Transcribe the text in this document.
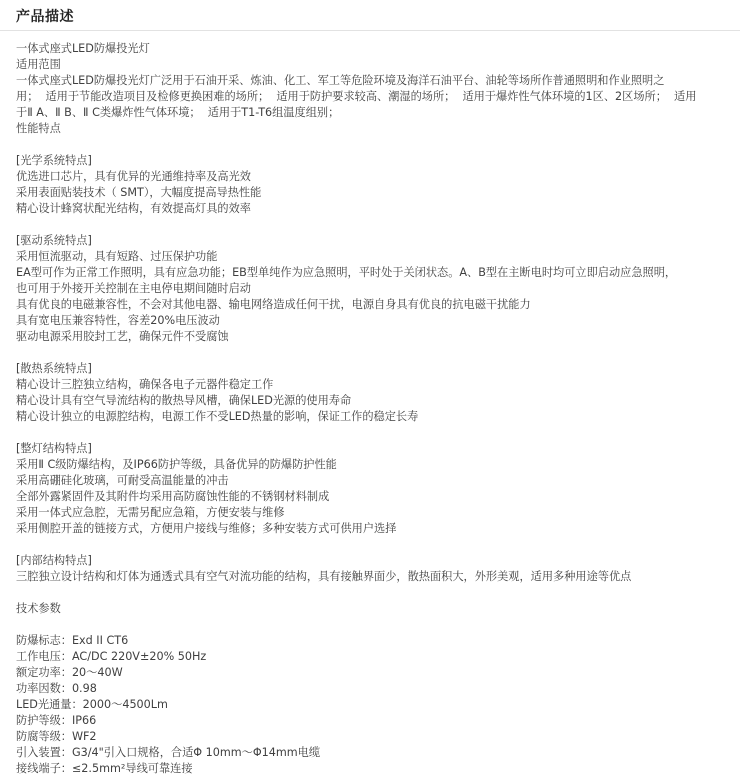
产品描述
一体式座式LED防爆投光灯
适用范围
一体式座式LED防爆投光灯广泛用于石油开采、炼油、化工、军工等危险环境及海洋石油平台、油轮等场所作普通照明和作业照明之
用；  适用于节能改造项目及检修更换困难的场所；  适用于防护要求较高、潮湿的场所；  适用于爆炸性气体环境的1区、2区场所；  适用
于Ⅱ A、Ⅱ B、Ⅱ C类爆炸性气体环境；  适用于T1-T6组温度组别；
性能特点
[光学系统特点]
优选进口芯片，具有优异的光通维持率及高光效
采用表面贴装技术（ SMT），大幅度提高导热性能
精心设计蜂窝状配光结构，有效提高灯具的效率
[驱动系统特点]
采用恒流驱动，具有短路、过压保护功能
EA型可作为正常工作照明，具有应急功能；EB型单纯作为应急照明，平时处于关闭状态。A、B型在主断电时均可立即启动应急照明，
也可用于外接开关控制在主电停电期间随时启动
具有优良的电磁兼容性，不会对其他电器、输电网络造成任何干扰，电源自身具有优良的抗电磁干扰能力
具有宽电压兼容特性，容差20%电压波动
驱动电源采用胶封工艺，确保元件不受腐蚀
[散热系统特点]
精心设计三腔独立结构，确保各电子元器件稳定工作
精心设计具有空气导流结构的散热导风槽，确保LED光源的使用寿命
精心设计独立的电源腔结构，电源工作不受LED热量的影响，保证工作的稳定长寿
[整灯结构特点]
采用Ⅱ C级防爆结构，及IP66防护等级，具备优异的防爆防护性能
采用高硼硅化玻璃，可耐受高温能量的冲击
全部外露紧固件及其附件均采用高防腐蚀性能的不锈钢材料制成
采用一体式应急腔，无需另配应急箱，方便安装与维修
采用侧腔开盖的链接方式，方便用户接线与维修；多种安装方式可供用户选择
[内部结构特点]
三腔独立设计结构和灯体为通透式具有空气对流功能的结构，具有接触界面少，散热面积大，外形美观，适用多种用途等优点
技术参数
防爆标志：Exd II CT6
工作电压：AC/DC 220V±20% 50Hz
额定功率：20～40W
功率因数：0.98
LED光通量：2000～4500Lm
防护等级：IP66
防腐等级：WF2
引入装置：G3/4"引入口规格，合适Φ 10mm～Φ14mm电缆
接线端子：≤2.5mm²导线可靠连接
